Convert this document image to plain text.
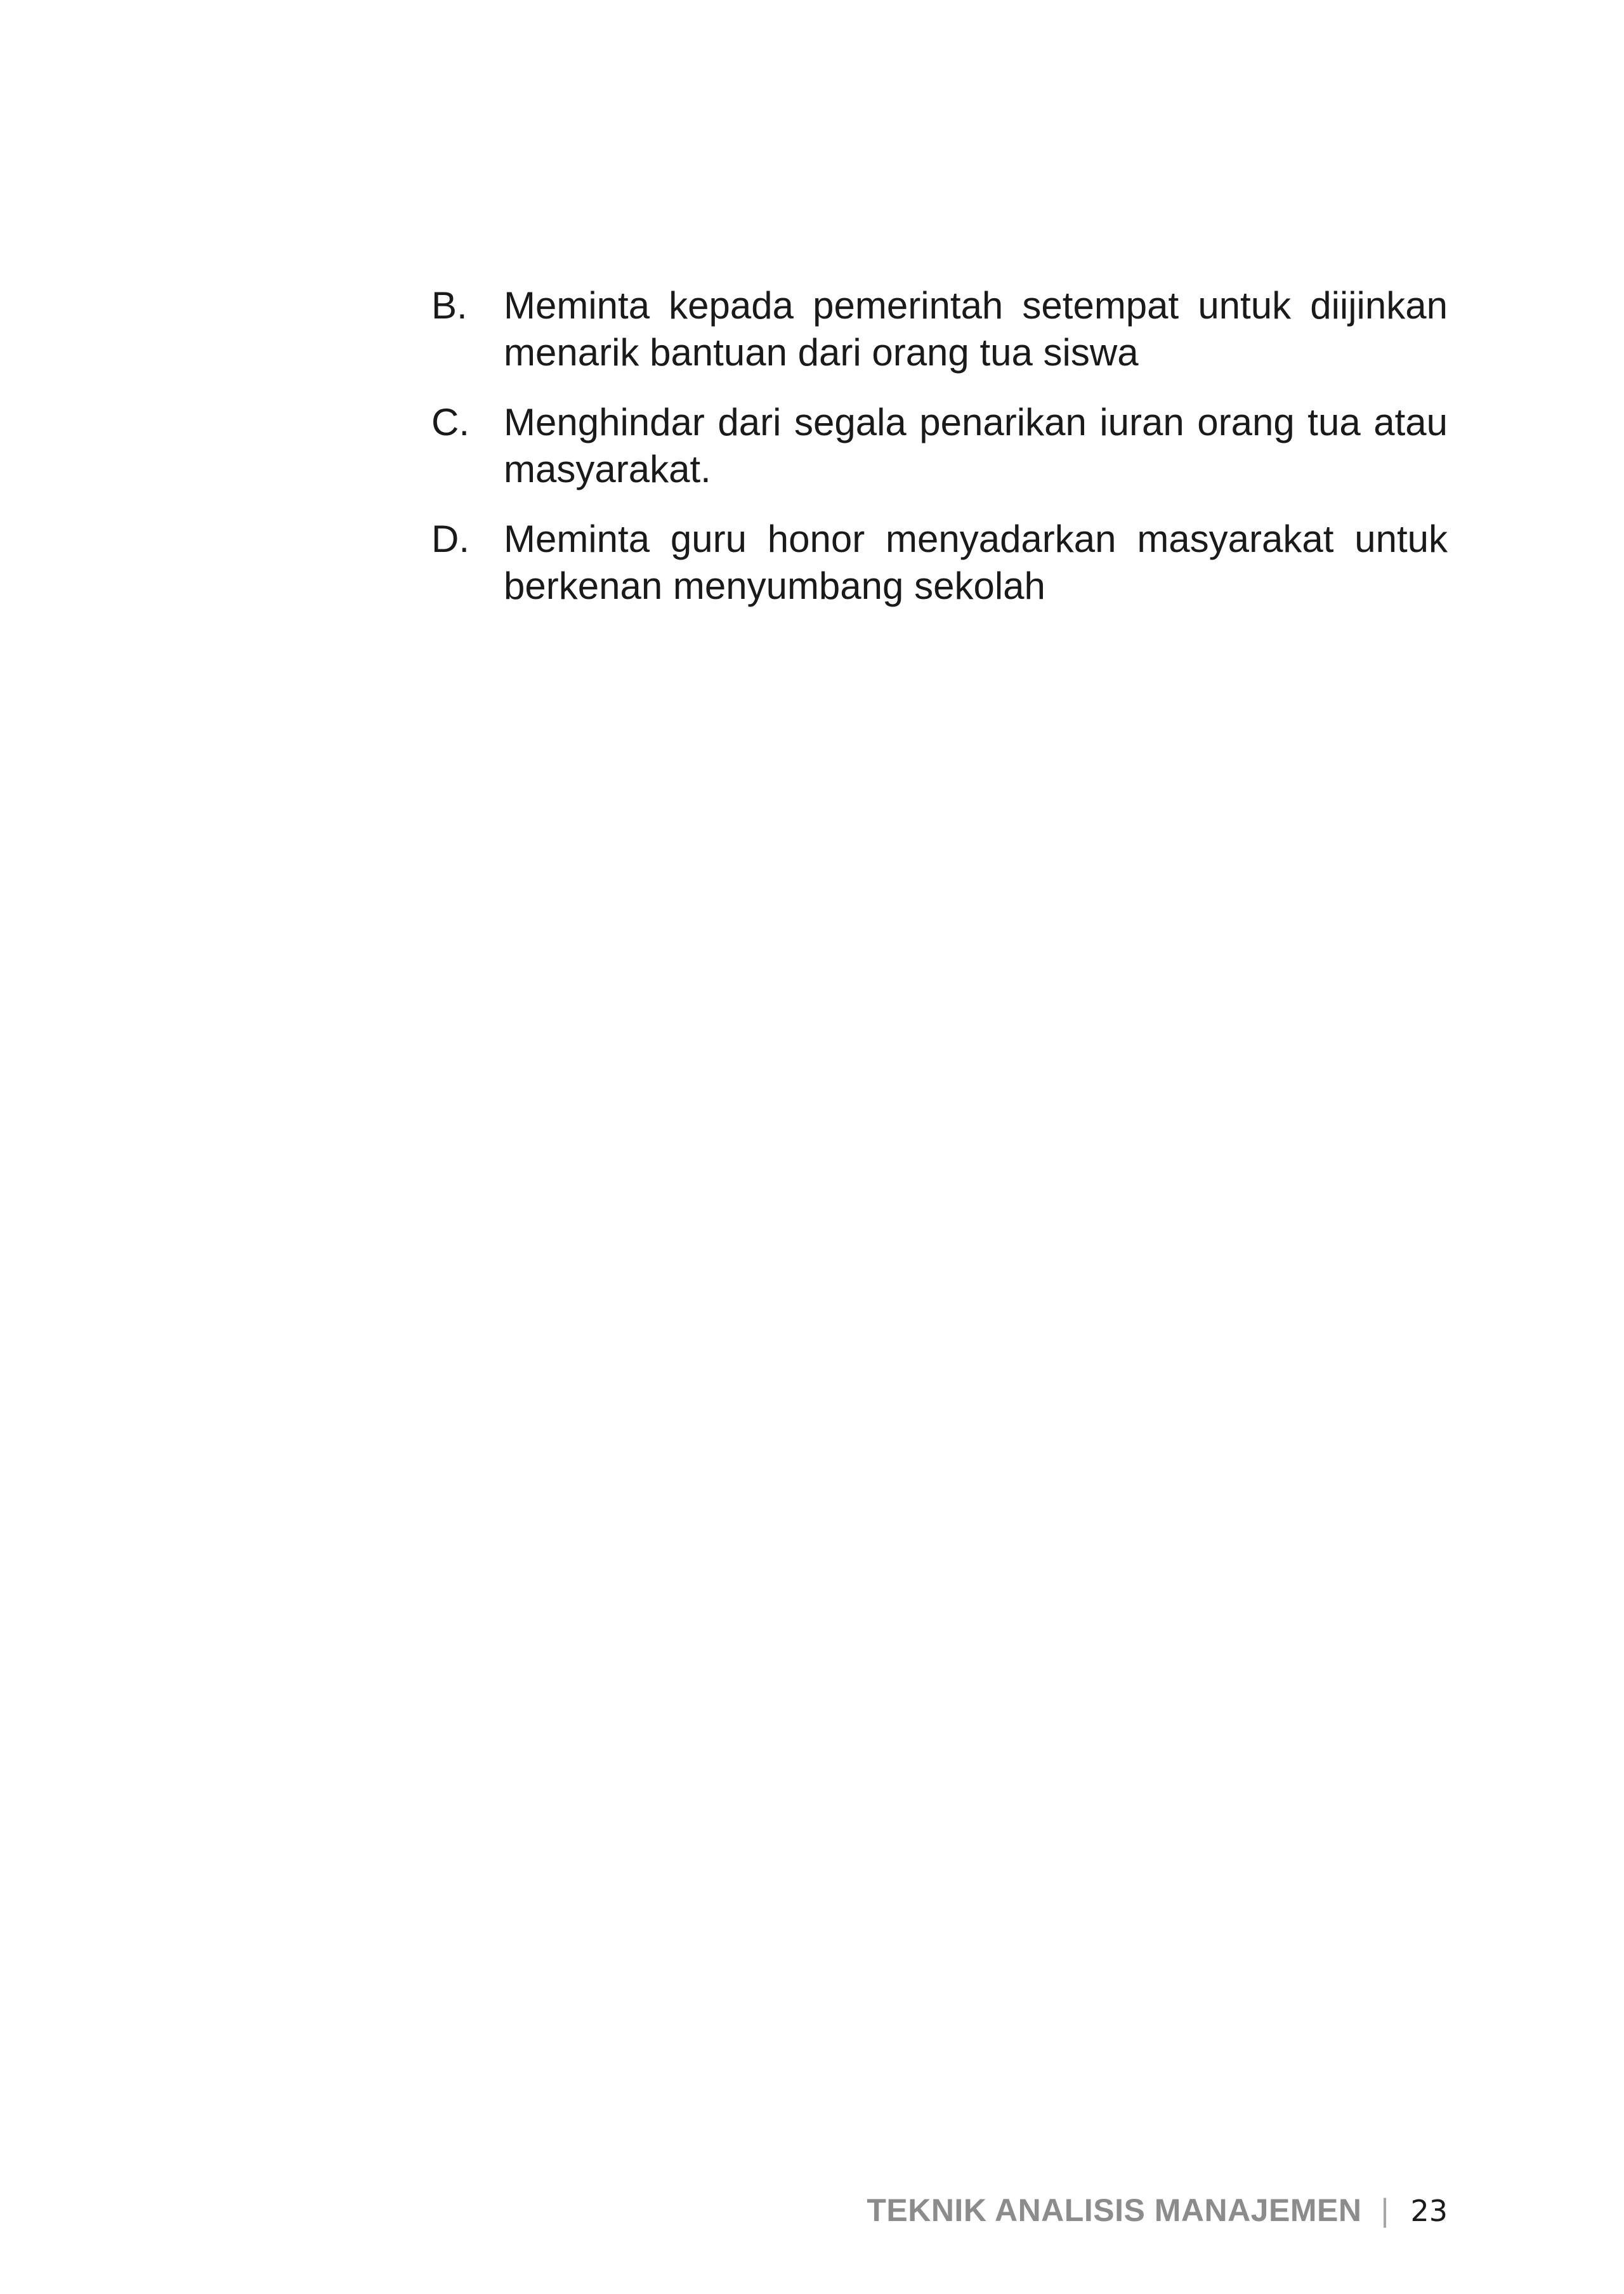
B. Meminta kepada pemerintah setempat untuk diijinkan menarik bantuan dari orang tua siswa
C. Menghindar dari segala penarikan iuran orang tua atau masyarakat.
D. Meminta guru honor menyadarkan masyarakat untuk berkenan menyumbang sekolah
TEKNIK ANALISIS MANAJEMEN | 23
